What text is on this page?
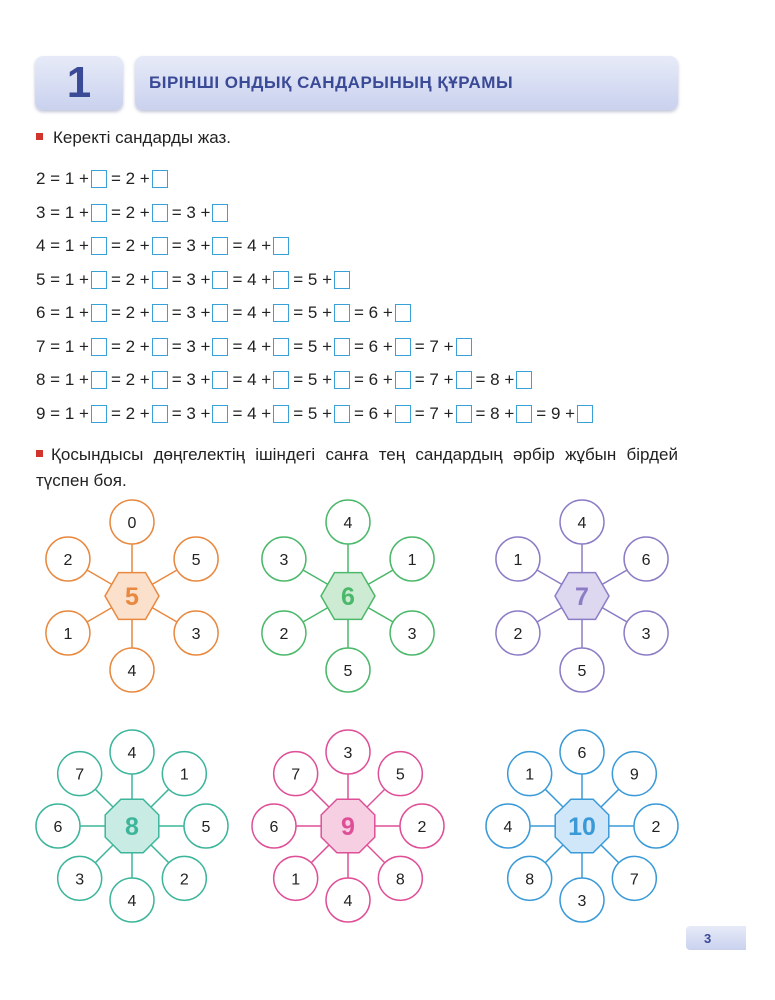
1	БІРІНШІ ОНДЫҚ САНДАРЫНЫҢ ҚҰРАМЫ
Керекті сандарды жаз.
2 = 1 + = 2 +
3 = 1 + = 2 + = 3 +
4 = 1 + = 2 + = 3 + = 4 +
5 = 1 + = 2 + = 3 + = 4 + = 5 +
6 = 1 + = 2 + = 3 + = 4 + = 5 + = 6 +
7 = 1 + = 2 + = 3 + = 4 + = 5 + = 6 + = 7 +
8 = 1 + = 2 + = 3 + = 4 + = 5 + = 6 + = 7 + = 8 +
9 = 1 + = 2 + = 3 + = 4 + = 5 + = 6 + = 7 + = 8 + = 9 +
Қосындысы дөңгелектің ішіндегі санға тең сандардың әрбір жұбын бірдей түспен боя.
5
0
5
3
4
1
2
6
4
1
3
5
2
3
7
4
6
3
5
2
1
8
4
1
5
2
4
3
6
7
9
3
5
2
8
4
1
6
7
10
6
9
2
7
3
8
4
1
3
